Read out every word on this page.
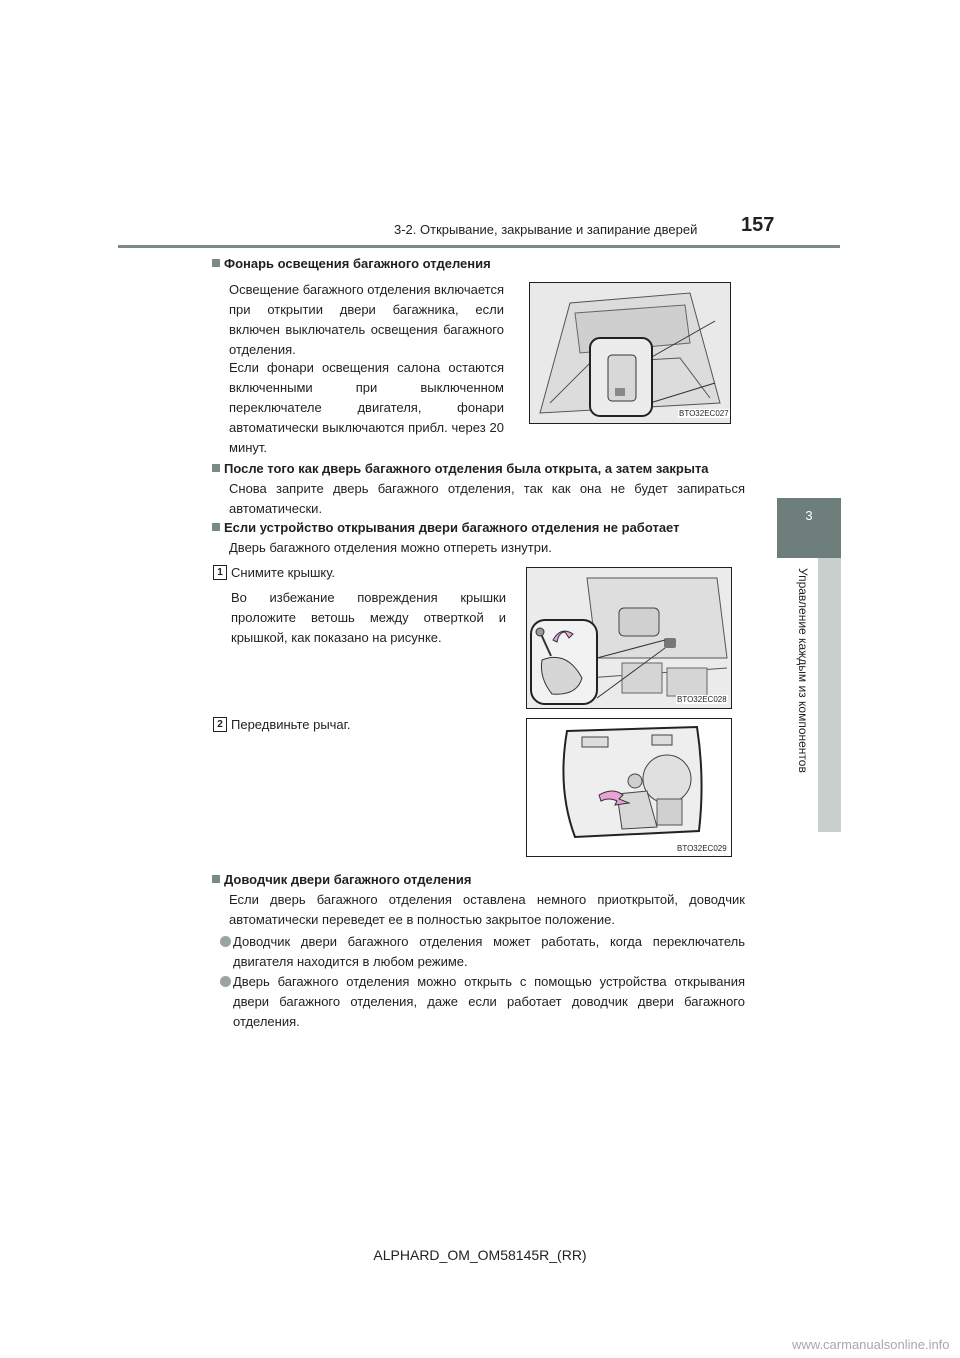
3-2. Открывание, закрывание и запирание дверей 157
3
Управление каждым из компонентов
Фонарь освещения багажного отделения
Освещение багажного отделения включается при открытии двери багажника, если включен выключатель освещения багажного отделения.
Если фонари освещения салона остаются включенными при выключенном переключателе двигателя, фонари автоматически выключаются прибл. через 20 минут.
BTO32EC027
После того как дверь багажного отделения была открыта, а затем закрыта
Снова заприте дверь багажного отделения, так как она не будет запираться автоматически.
Если устройство открывания двери багажного отделения не работает
Дверь багажного отделения можно отпереть изнутри.
1 Снимите крышку.
Во избежание повреждения крышки проложите ветошь между отверткой и крышкой, как показано на рисунке.
BTO32EC028
2 Передвиньте рычаг.
BTO32EC029
Доводчик двери багажного отделения
Если дверь багажного отделения оставлена немного приоткрытой, доводчик автоматически переведет ее в полностью закрытое положение.
Доводчик двери багажного отделения может работать, когда переключатель двигателя находится в любом режиме.
Дверь багажного отделения можно открыть с помощью устройства открывания двери багажного отделения, даже если работает доводчик двери багажного отделения.
ALPHARD_OM_OM58145R_(RR)
www.carmanualsonline.info
